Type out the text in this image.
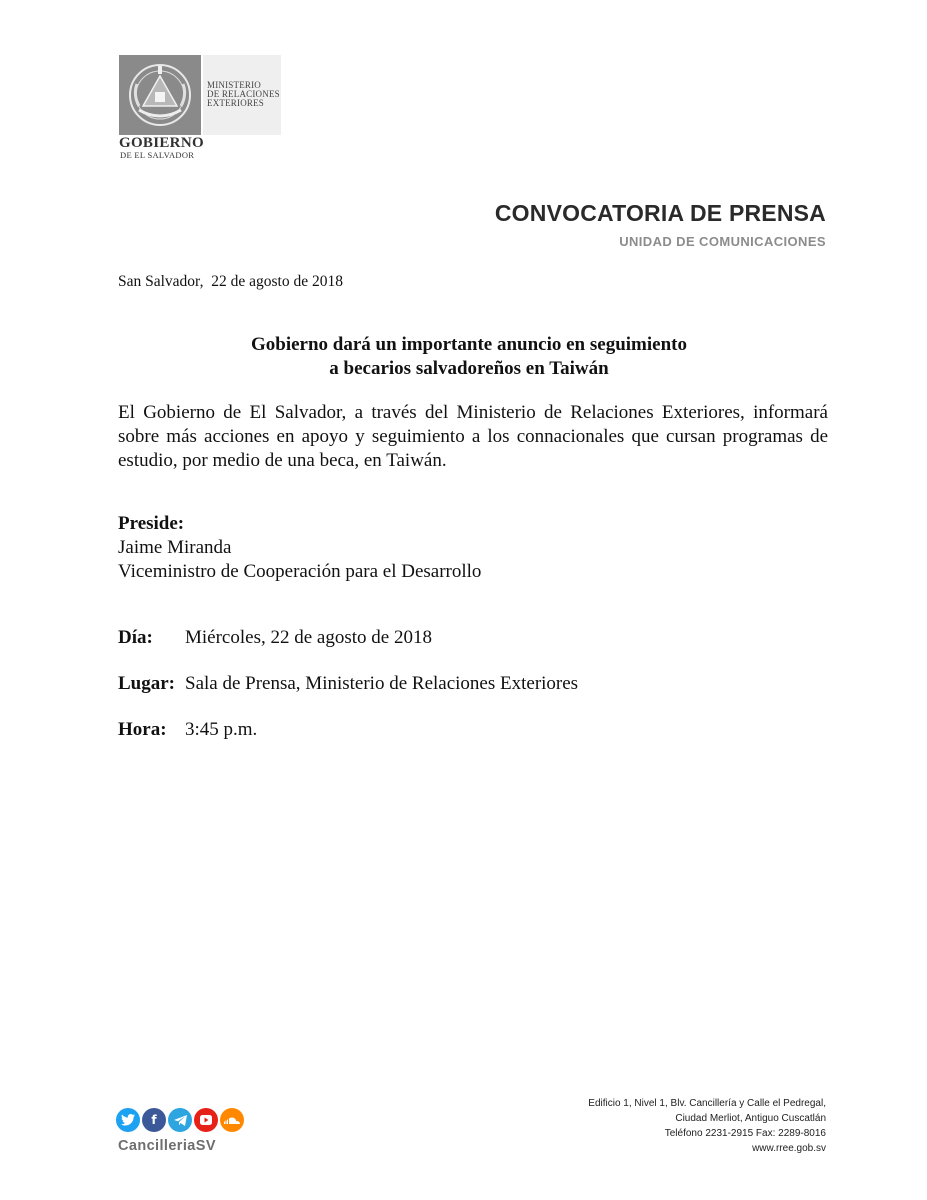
MINISTERIO
DE RELACIONES
EXTERIORES
GOBIERNO
DE EL SALVADOR
CONVOCATORIA DE PRENSA
UNIDAD DE COMUNICACIONES
San Salvador,  22 de agosto de 2018
Gobierno dará un importante anuncio en seguimiento
a becarios salvadoreños en Taiwán
El Gobierno de El Salvador, a través del Ministerio de Relaciones Exteriores, informará
sobre más acciones en apoyo y seguimiento a los connacionales que cursan programas de
estudio, por medio de una beca, en Taiwán.
Preside:
Jaime Miranda
Viceministro de Cooperación para el Desarrollo
Día: Miércoles, 22 de agosto de 2018
Lugar: Sala de Prensa, Ministerio de Relaciones Exteriores
Hora: 3:45 p.m.
f
CancilleriaSV
Edificio 1, Nivel 1, Blv. Cancillería y Calle el Pedregal,
Ciudad Merliot, Antiguo Cuscatlán
Teléfono 2231-2915 Fax: 2289-8016
www.rree.gob.sv
